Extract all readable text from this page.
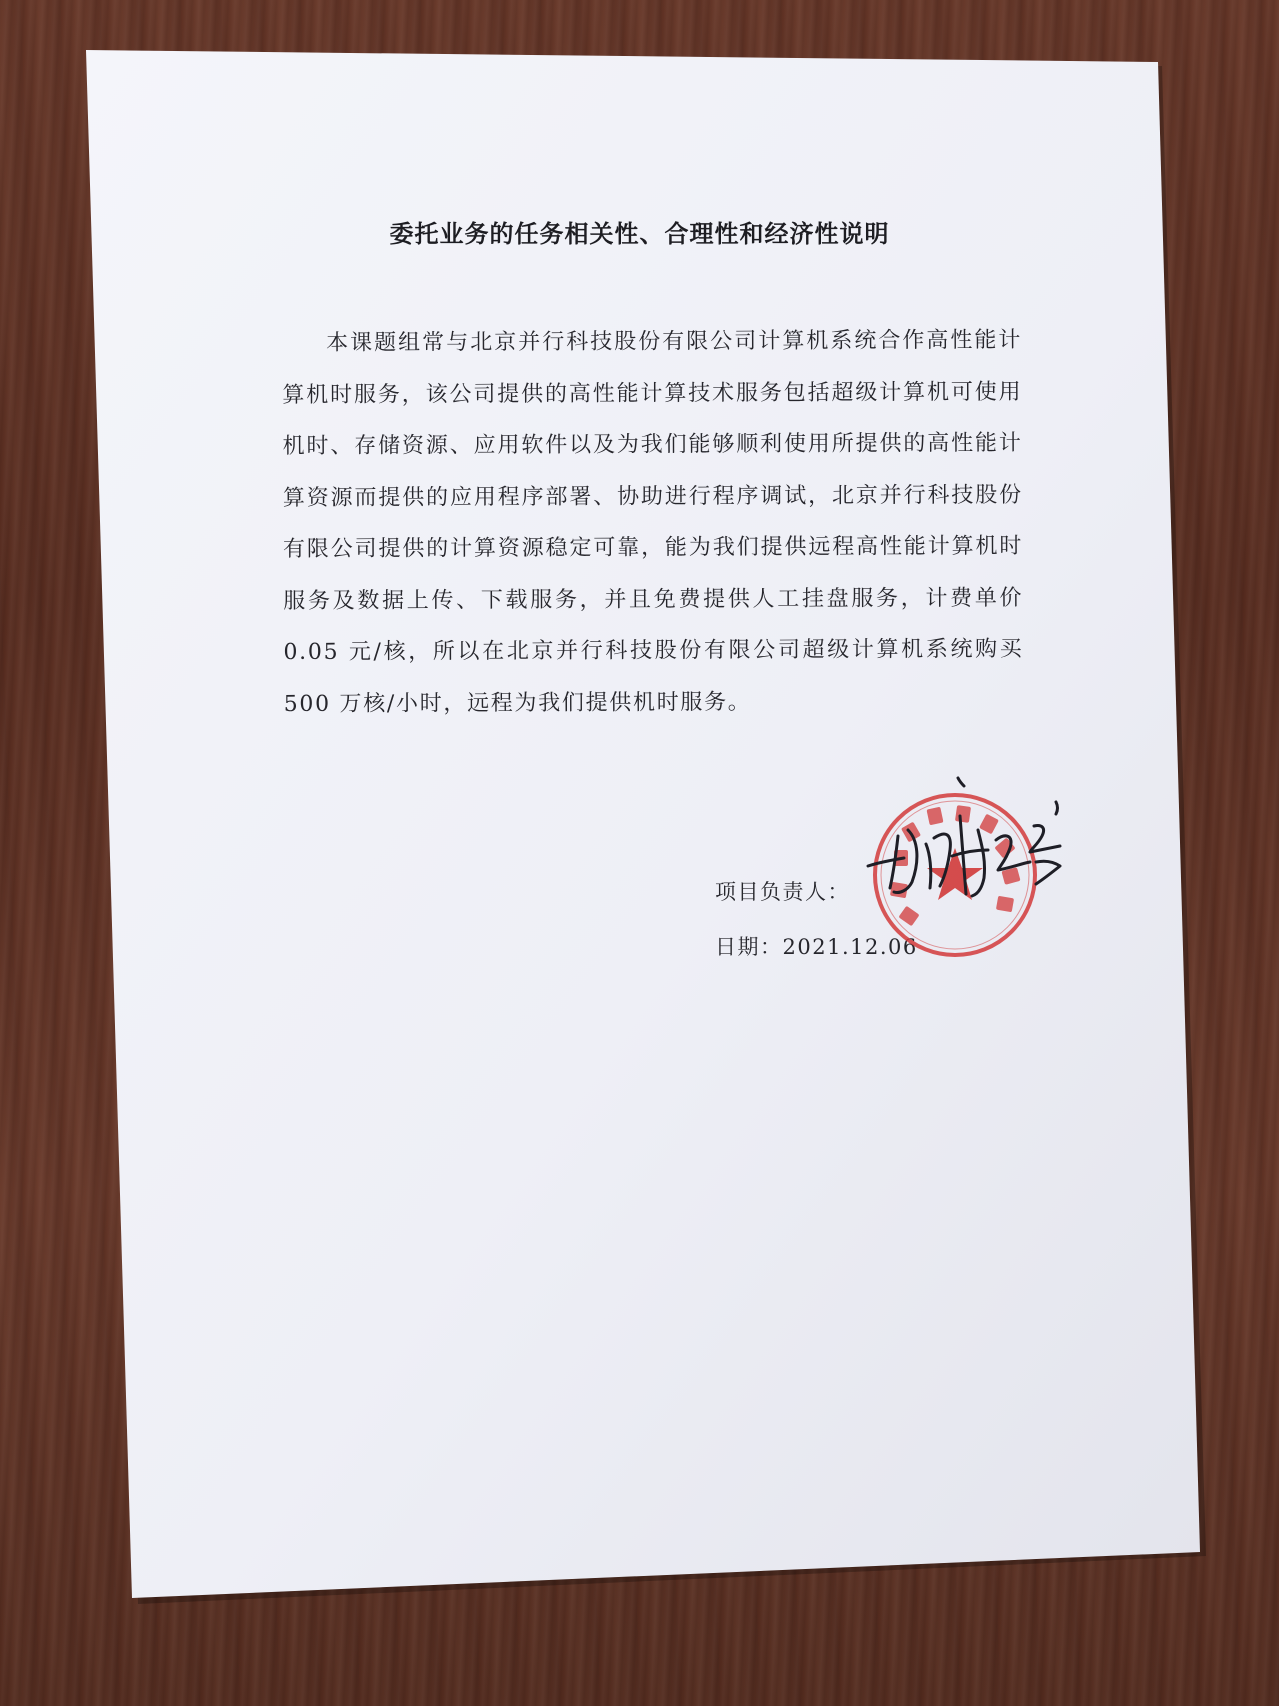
委托业务的任务相关性、合理性和经济性说明
本课题组常与北京并行科技股份有限公司计算机系统合作高性能计算机时服务，该公司提供的高性能计算技术服务包括超级计算机可使用机时、存储资源、应用软件以及为我们能够顺利使用所提供的高性能计算资源而提供的应用程序部署、协助进行程序调试，北京并行科技股份有限公司提供的计算资源稳定可靠，能为我们提供远程高性能计算机时服务及数据上传、下载服务，并且免费提供人工挂盘服务，计费单价 0.05 元/核，所以在北京并行科技股份有限公司超级计算机系统购买 500 万核/小时，远程为我们提供机时服务。
项目负责人：
日期：2021.12.06
